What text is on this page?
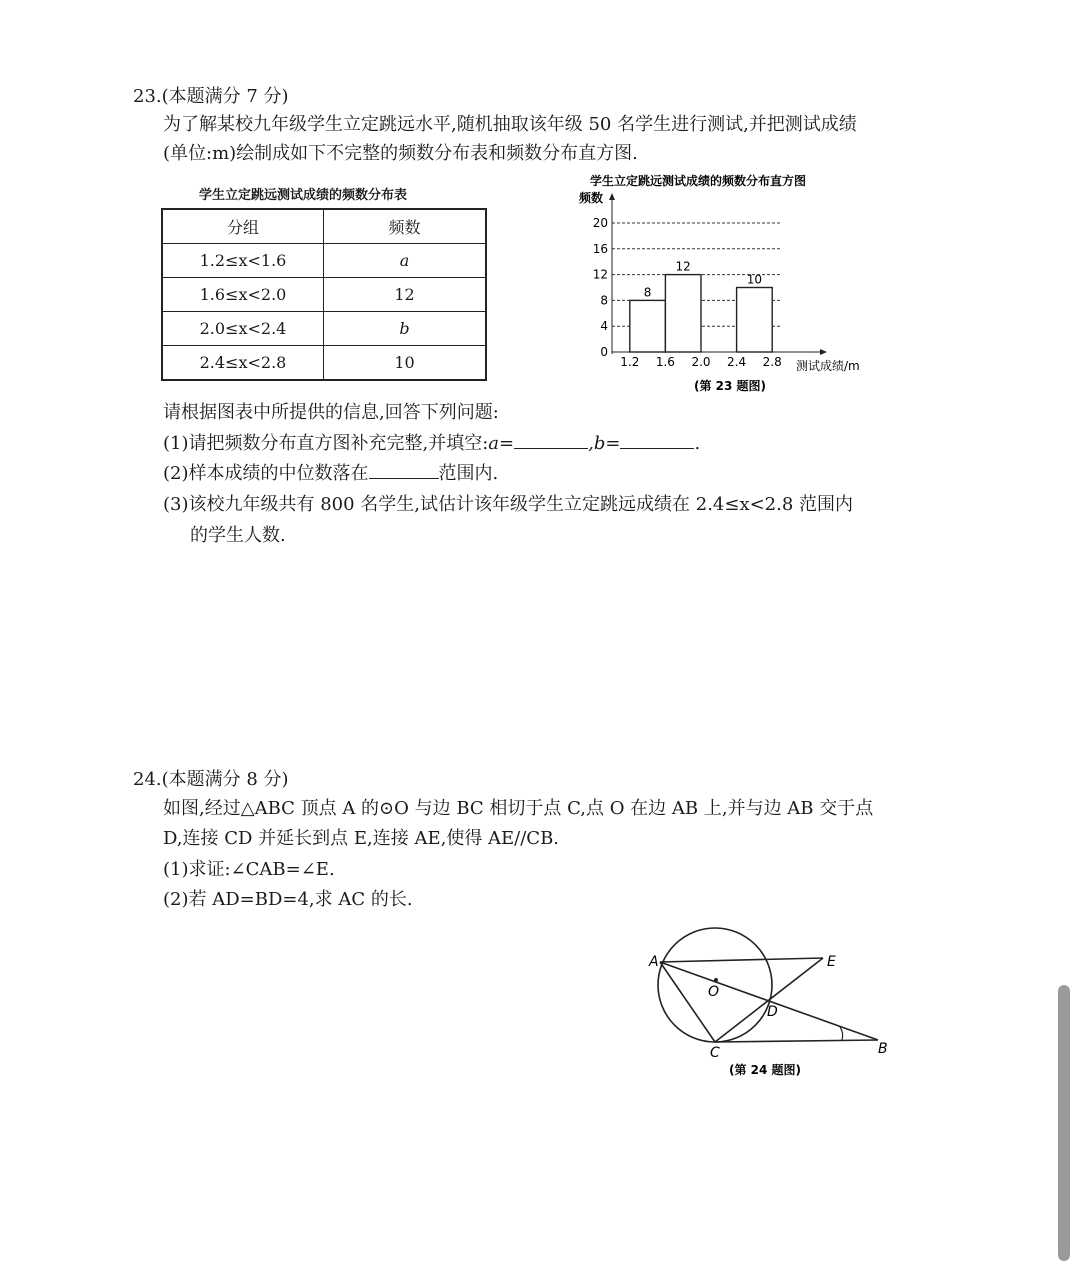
23.(本题满分 7 分)
为了解某校九年级学生立定跳远水平,随机抽取该年级 50 名学生进行测试,并把测试成绩
(单位:m)绘制成如下不完整的频数分布表和频数分布直方图.
学生立定跳远测试成绩的频数分布表
分组	频数
1.2≤x<1.6	a
1.6≤x<2.0	12
2.0≤x<2.4	b
2.4≤x<2.8	10
学生立定跳远测试成绩的频数分布直方图
频数
测试成绩/m
(第 23 题图)
0
4
8
12
16
20
1.2 1.6 2.0 2.4 2.8
8
12
10
请根据图表中所提供的信息,回答下列问题:
(1)请把频数分布直方图补充完整,并填空:a=	,b=	.
(2)样本成绩的中位数落在	范围内.
(3)该校九年级共有 800 名学生,试估计该年级学生立定跳远成绩在 2.4≤x<2.8 范围内
的学生人数.
24.(本题满分 8 分)
如图,经过△ABC 顶点 A 的⊙O 与边 BC 相切于点 C,点 O 在边 AB 上,并与边 AB 交于点
D,连接 CD 并延长到点 E,连接 AE,使得 AE//CB.
(1)求证:∠CAB=∠E.
(2)若 AD=BD=4,求 AC 的长.
A	E
O
D
C	B
(第 24 题图)
